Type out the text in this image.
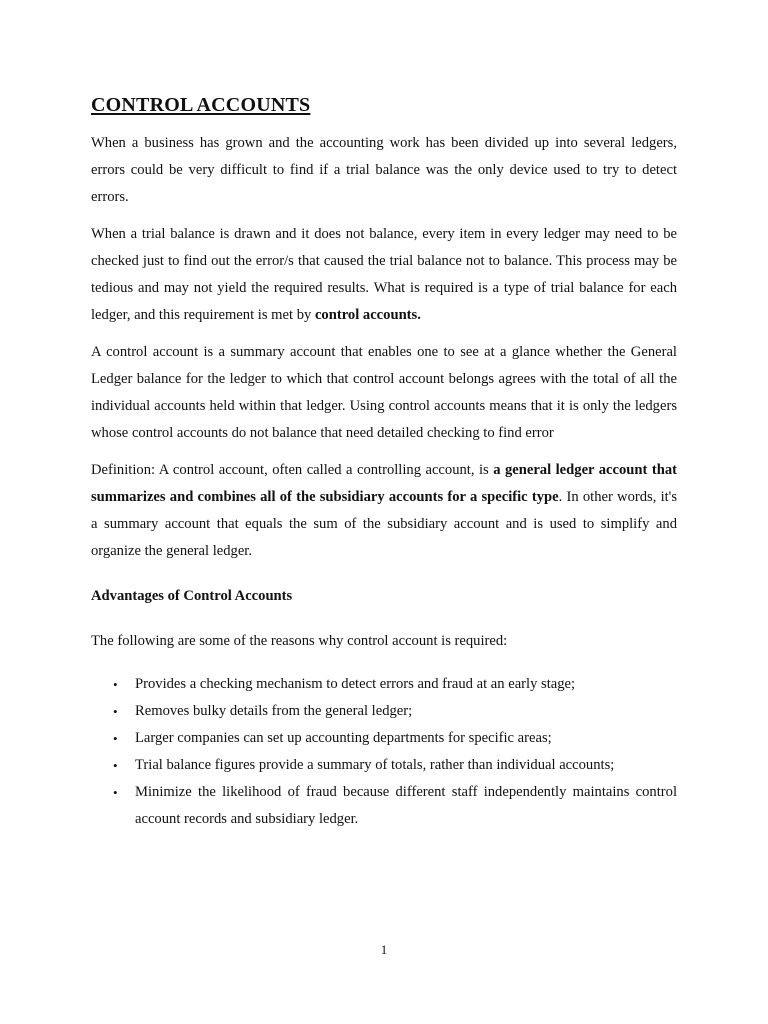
CONTROL ACCOUNTS

When a business has grown and the accounting work has been divided up into several ledgers, errors could be very difficult to find if a trial balance was the only device used to try to detect errors.

When a trial balance is drawn and it does not balance, every item in every ledger may need to be checked just to find out the error/s that caused the trial balance not to balance. This process may be tedious and may not yield the required results. What is required is a type of trial balance for each ledger, and this requirement is met by control accounts.

A control account is a summary account that enables one to see at a glance whether the General Ledger balance for the ledger to which that control account belongs agrees with the total of all the individual accounts held within that ledger. Using control accounts means that it is only the ledgers whose control accounts do not balance that need detailed checking to find error

Definition: A control account, often called a controlling account, is a general ledger account that summarizes and combines all of the subsidiary accounts for a specific type. In other words, it's a summary account that equals the sum of the subsidiary account and is used to simplify and organize the general ledger.

Advantages of Control Accounts

The following are some of the reasons why control account is required:

• Provides a checking mechanism to detect errors and fraud at an early stage;
• Removes bulky details from the general ledger;
• Larger companies can set up accounting departments for specific areas;
• Trial balance figures provide a summary of totals, rather than individual accounts;
• Minimize the likelihood of fraud because different staff independently maintains control account records and subsidiary ledger.
1
